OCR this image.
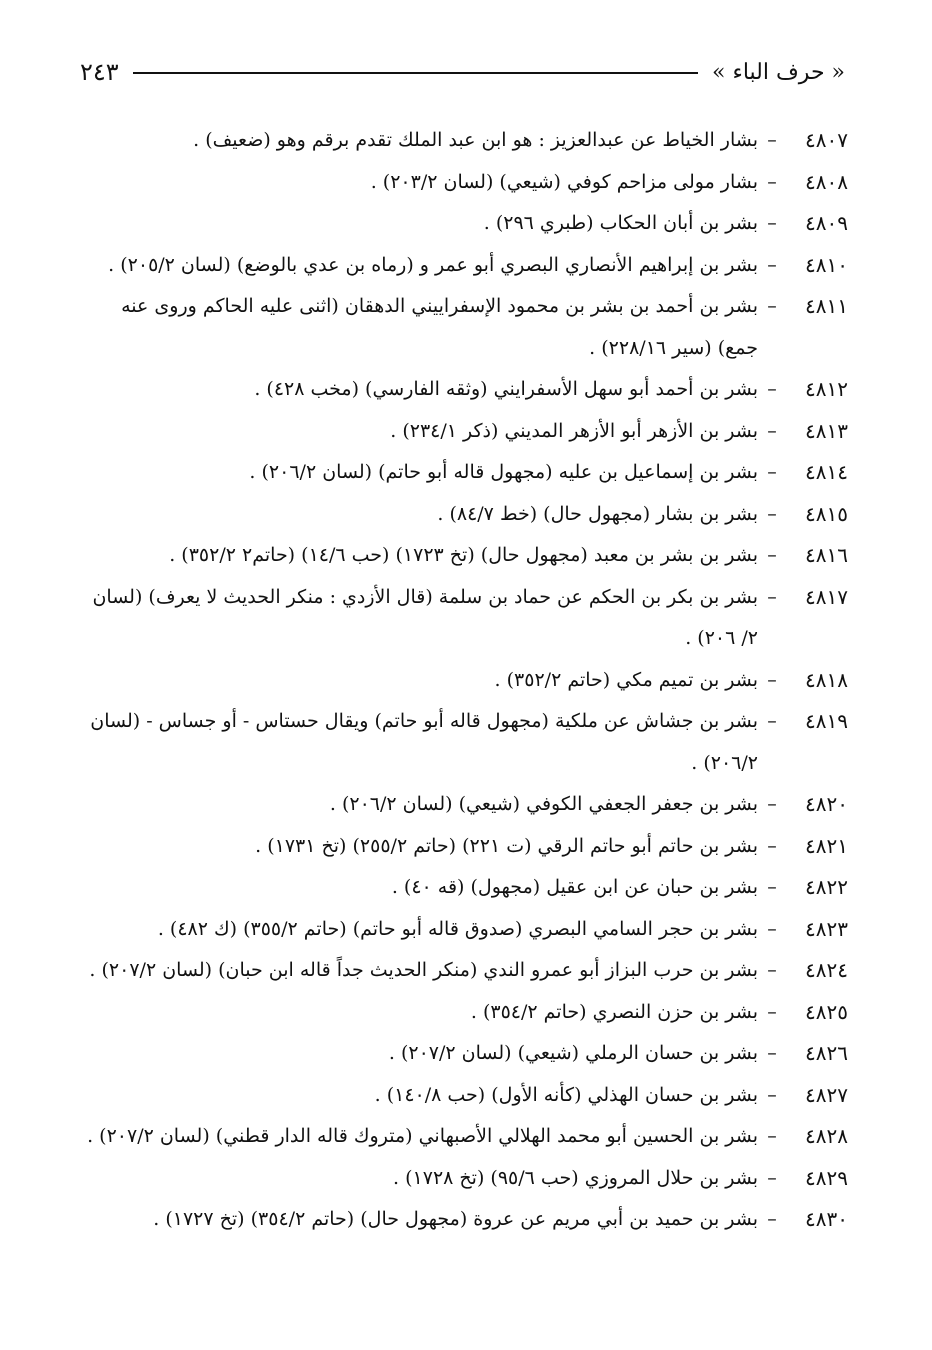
« حرف الباء »
٢٤٣
٤٨٠٧
–
بشار الخياط عن عبدالعزيز : هو ابن عبد الملك تقدم برقم وهو (ضعيف) .
٤٨٠٨
–
بشار مولى مزاحم كوفي (شيعي) (لسان ٢٠٣/٢) .
٤٨٠٩
–
بشر بن أبان الحكاب (طبري ٢٩٦) .
٤٨١٠
–
بشر بن إبراهيم الأنصاري البصري أبو عمر و (رماه بن عدي بالوضع) (لسان ٢٠٥/٢) .
٤٨١١
–
بشر بن أحمد بن بشر بن محمود الإسفراييني الدهقان (اثنى عليه الحاكم وروى عنه جمع) (سير ٢٢٨/١٦) .
٤٨١٢
–
بشر بن أحمد أبو سهل الأسفرايني (وثقه الفارسي) (مخب ٤٢٨) .
٤٨١٣
–
بشر بن الأزهر أبو الأزهر المديني (ذكر ٢٣٤/١) .
٤٨١٤
–
بشر بن إسماعيل بن عليه (مجهول قاله أبو حاتم) (لسان ٢٠٦/٢) .
٤٨١٥
–
بشر بن بشار (مجهول حال) (خط ٨٤/٧) .
٤٨١٦
–
بشر بن بشر بن معبد (مجهول حال) (تخ ١٧٢٣) (حب ١٤/٦) (حاتم٢ ٣٥٢/٢) .
٤٨١٧
–
بشر بن بكر بن الحكم عن حماد بن سلمة (قال الأزدي : منكر الحديث لا يعرف) (لسان ٢/ ٢٠٦) .
٤٨١٨
–
بشر بن تميم مكي (حاتم ٣٥٢/٢) .
٤٨١٩
–
بشر بن جشاش عن ملكية (مجهول قاله أبو حاتم) ويقال حستاس - أو جساس - (لسان ٢٠٦/٢) .
٤٨٢٠
–
بشر بن جعفر الجعفي الكوفي (شيعي) (لسان ٢٠٦/٢) .
٤٨٢١
–
بشر بن حاتم أبو حاتم الرقي (ت ٢٢١) (حاتم ٢٥٥/٢) (تخ ١٧٣١) .
٤٨٢٢
–
بشر بن حبان عن ابن عقيل (مجهول) (قه ٤٠) .
٤٨٢٣
–
بشر بن حجر السامي البصري (صدوق قاله أبو حاتم) (حاتم ٣٥٥/٢) (ك ٤٨٢) .
٤٨٢٤
–
بشر بن حرب البزاز أبو عمرو الندي (منكر الحديث جداً قاله ابن حبان) (لسان ٢٠٧/٢) .
٤٨٢٥
–
بشر بن حزن النصري (حاتم ٣٥٤/٢) .
٤٨٢٦
–
بشر بن حسان الرملي (شيعي) (لسان ٢٠٧/٢) .
٤٨٢٧
–
بشر بن حسان الهذلي (كأنه الأول) (حب ١٤٠/٨) .
٤٨٢٨
–
بشر بن الحسين أبو محمد الهلالي الأصبهاني (متروك قاله الدار قطني) (لسان ٢٠٧/٢) .
٤٨٢٩
–
بشر بن حلال المروزي (حب ٩٥/٦) (تخ ١٧٢٨) .
٤٨٣٠
–
بشر بن حميد بن أبي مريم عن عروة (مجهول حال) (حاتم ٣٥٤/٢) (تخ ١٧٢٧) .
